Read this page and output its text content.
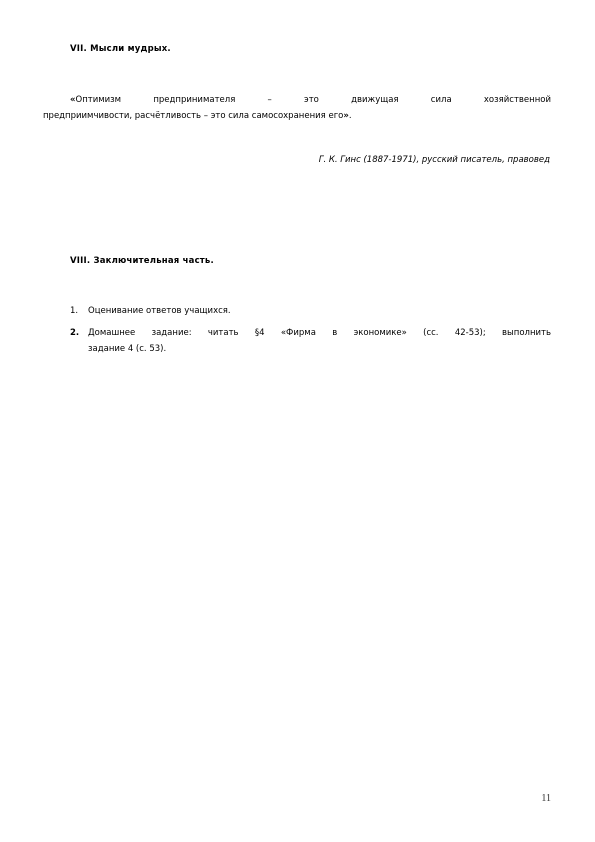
VII. Мысли мудрых.
«Оптимизм предпринимателя – это движущая сила хозяйственной
предприимчивости, расчётливость – это сила самосохранения его».
Г. К. Гинс (1887-1971), русский писатель, правовед
VIII. Заключительная часть.
1. Оценивание ответов учащихся.
2. Домашнее задание: читать §4 «Фирма в экономике» (сс. 42-53); выполнить
задание 4 (с. 53).
11
